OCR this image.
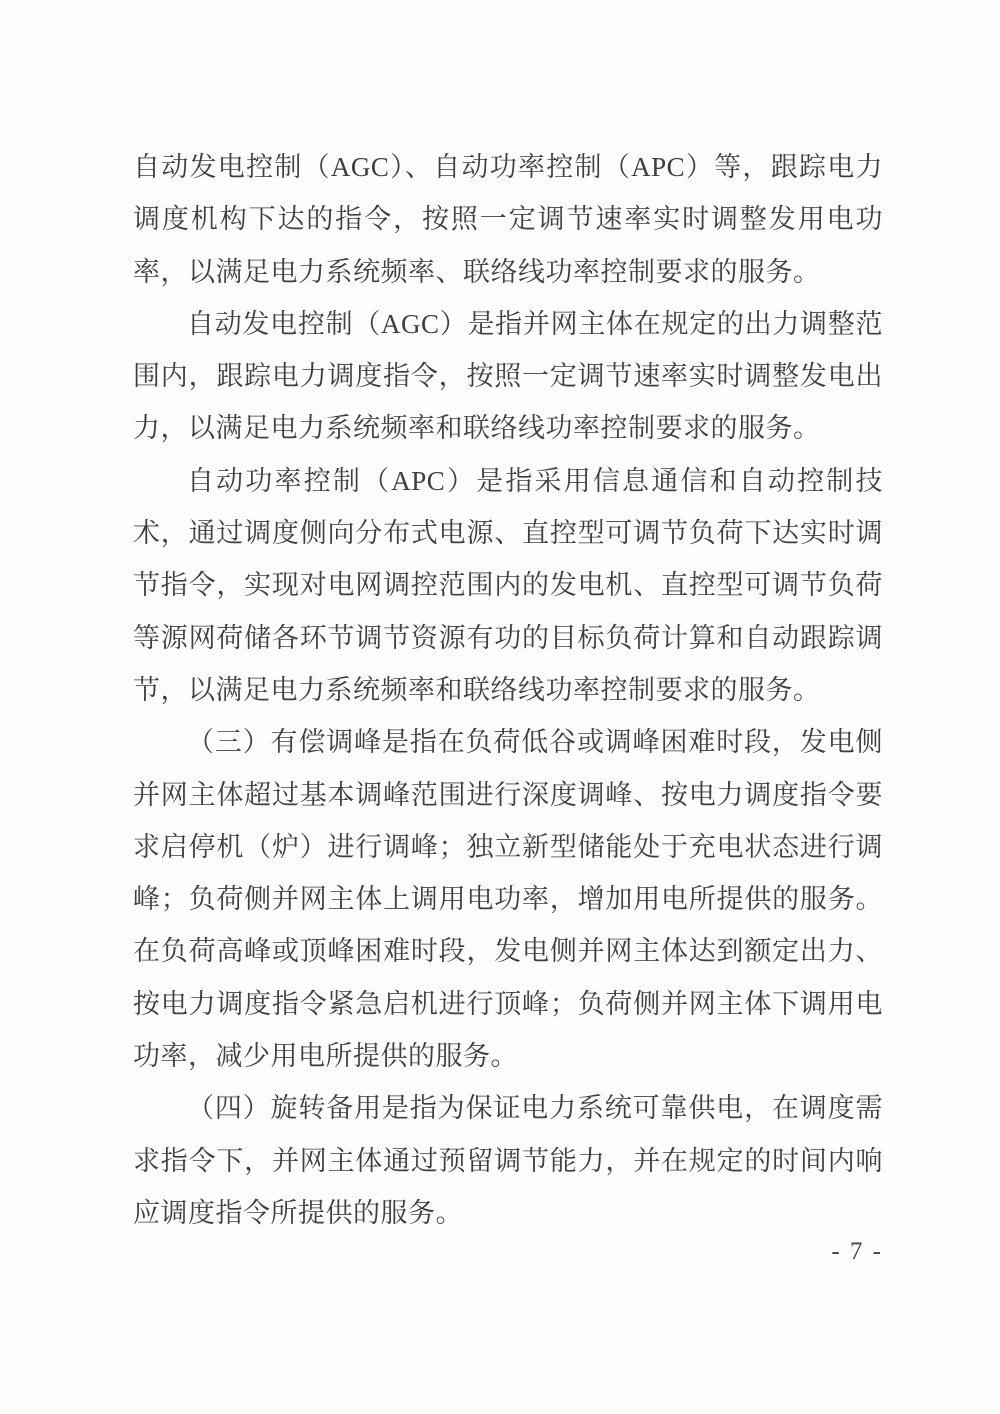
自动发电控制（AGC）、自动功率控制（APC）等，跟踪电力调度机构下达的指令，按照一定调节速率实时调整发用电功率，以满足电力系统频率、联络线功率控制要求的服务。

自动发电控制（AGC）是指并网主体在规定的出力调整范围内，跟踪电力调度指令，按照一定调节速率实时调整发电出力，以满足电力系统频率和联络线功率控制要求的服务。

自动功率控制（APC）是指采用信息通信和自动控制技术，通过调度侧向分布式电源、直控型可调节负荷下达实时调节指令，实现对电网调控范围内的发电机、直控型可调节负荷等源网荷储各环节调节资源有功的目标负荷计算和自动跟踪调节，以满足电力系统频率和联络线功率控制要求的服务。

（三）有偿调峰是指在负荷低谷或调峰困难时段，发电侧并网主体超过基本调峰范围进行深度调峰、按电力调度指令要求启停机（炉）进行调峰；独立新型储能处于充电状态进行调峰；负荷侧并网主体上调用电功率，增加用电所提供的服务。在负荷高峰或顶峰困难时段，发电侧并网主体达到额定出力、按电力调度指令紧急启机进行顶峰；负荷侧并网主体下调用电功率，减少用电所提供的服务。

（四）旋转备用是指为保证电力系统可靠供电，在调度需求指令下，并网主体通过预留调节能力，并在规定的时间内响应调度指令所提供的服务。

- 7 -
